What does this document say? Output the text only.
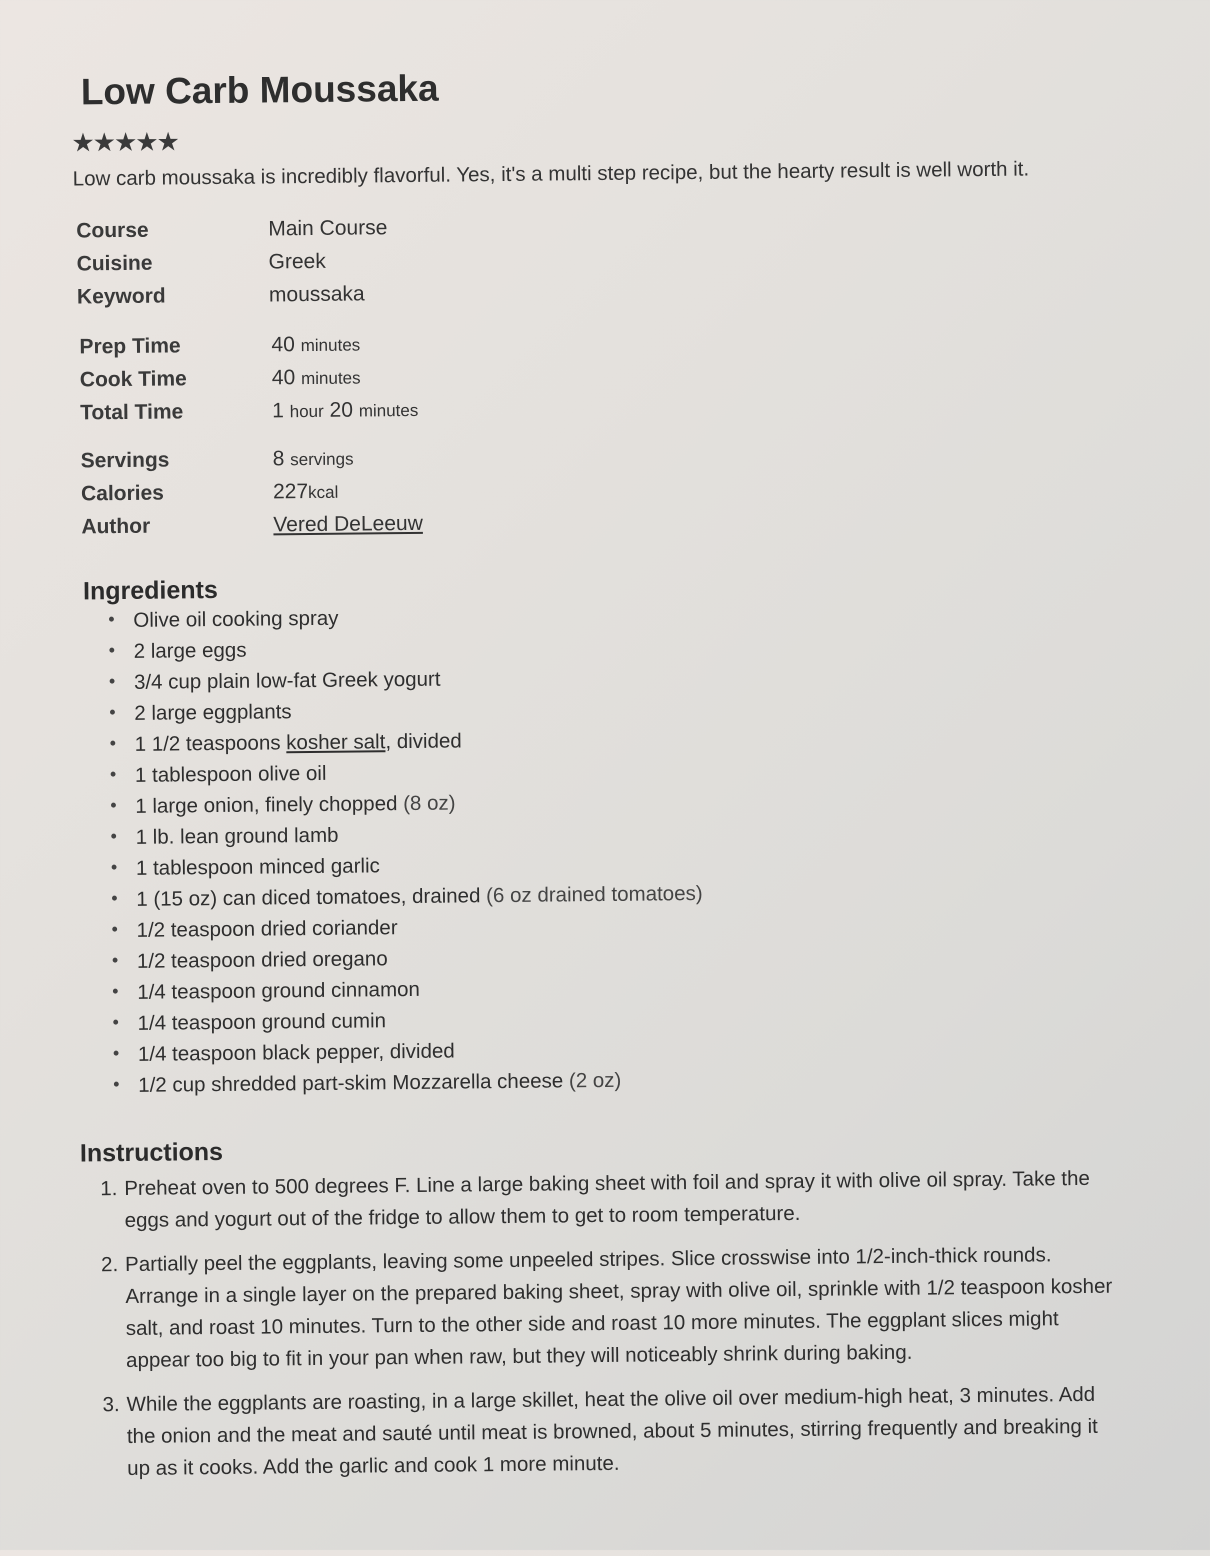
Low Carb Moussaka
★★★★★
Low carb moussaka is incredibly flavorful. Yes, it's a multi step recipe, but the hearty result is well worth it.
Course	Main Course
Cuisine	Greek
Keyword	moussaka
Prep Time	40 minutes
Cook Time	40 minutes
Total Time	1 hour 20 minutes
Servings	8 servings
Calories	227kcal
Author	Vered DeLeeuw
Ingredients
• Olive oil cooking spray
• 2 large eggs
• 3/4 cup plain low-fat Greek yogurt
• 2 large eggplants
• 1 1/2 teaspoons kosher salt, divided
• 1 tablespoon olive oil
• 1 large onion, finely chopped (8 oz)
• 1 lb. lean ground lamb
• 1 tablespoon minced garlic
• 1 (15 oz) can diced tomatoes, drained (6 oz drained tomatoes)
• 1/2 teaspoon dried coriander
• 1/2 teaspoon dried oregano
• 1/4 teaspoon ground cinnamon
• 1/4 teaspoon ground cumin
• 1/4 teaspoon black pepper, divided
• 1/2 cup shredded part-skim Mozzarella cheese (2 oz)
Instructions
1. Preheat oven to 500 degrees F. Line a large baking sheet with foil and spray it with olive oil spray. Take the eggs and yogurt out of the fridge to allow them to get to room temperature.
2. Partially peel the eggplants, leaving some unpeeled stripes. Slice crosswise into 1/2-inch-thick rounds. Arrange in a single layer on the prepared baking sheet, spray with olive oil, sprinkle with 1/2 teaspoon kosher salt, and roast 10 minutes. Turn to the other side and roast 10 more minutes. The eggplant slices might appear too big to fit in your pan when raw, but they will noticeably shrink during baking.
3. While the eggplants are roasting, in a large skillet, heat the olive oil over medium-high heat, 3 minutes. Add the onion and the meat and sauté until meat is browned, about 5 minutes, stirring frequently and breaking it up as it cooks. Add the garlic and cook 1 more minute.
